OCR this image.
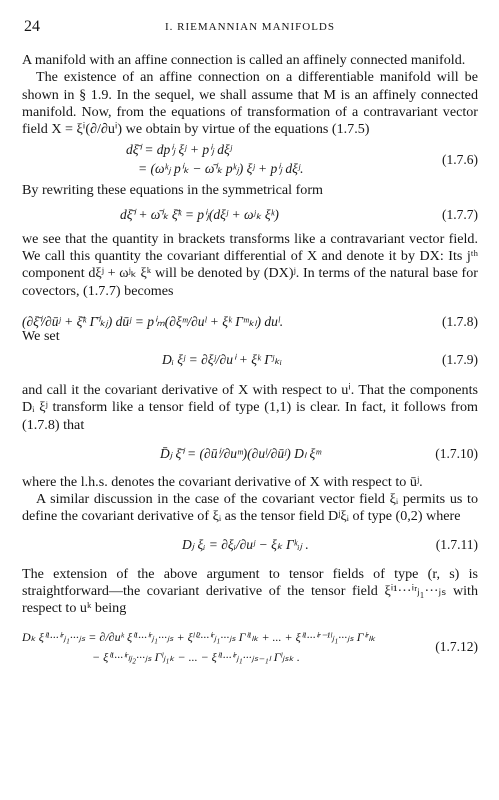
24	I. RIEMANNIAN MANIFOLDS

A manifold with an affine connection is called an affinely connected manifold.

The existence of an affine connection on a differentiable manifold will be shown in § 1.9. In the sequel, we shall assume that M is an affinely connected manifold. Now, from the equations of transformation of a contravariant vector field X = ξⁱ(∂/∂uⁱ) we obtain by virtue of the equations (1.7.5)

dξ̄ⁱ = dpⁱⱼ ξʲ + pⁱⱼ dξʲ
= (ωᵏⱼ pⁱₖ − ω̄ⁱₖ pᵏⱼ) ξʲ + pⁱⱼ dξʲ.
(1.7.6)

By rewriting these equations in the symmetrical form

dξ̄ⁱ + ω̄ⁱₖ ξ̄ᵏ = pⁱⱼ(dξʲ + ωʲₖ ξᵏ)	(1.7.7)

we see that the quantity in brackets transforms like a contravariant vector field. We call this quantity the covariant differential of X and denote it by DX: Its jᵗʰ component dξʲ + ωʲₖ ξᵏ will be denoted by (DX)ʲ. In terms of the natural base for covectors, (1.7.7) becomes

(∂ξ̄ⁱ/∂ūʲ + ξ̄ᵏ Γ̄ⁱₖⱼ) dūʲ = pⁱₘ(∂ξᵐ/∂uˡ + ξᵏ Γᵐₖₗ) duˡ.	(1.7.8)
We set
Dᵢ ξʲ = ∂ξʲ/∂uⁱ + ξᵏ Γʲₖᵢ	(1.7.9)

and call it the covariant derivative of X with respect to uⁱ. That the components Dᵢ ξʲ transform like a tensor field of type (1,1) is clear. In fact, it follows from (1.7.8) that

D̄ⱼ ξ̄ⁱ = (∂ūⁱ/∂uᵐ)(∂uˡ/∂ūʲ) Dₗ ξᵐ	(1.7.10)

where the l.h.s. denotes the covariant derivative of X with respect to ūʲ.

A similar discussion in the case of the covariant vector field ξᵢ permits us to define the covariant derivative of ξᵢ as the tensor field Dʲξᵢ of type (0,2) where

Dⱼ ξᵢ = ∂ξᵢ/∂uʲ − ξₖ Γᵏᵢⱼ .	(1.7.11)

The extension of the above argument to tensor fields of type (r, s) is straightforward—the covariant derivative of the tensor field ξⁱ¹···ⁱʳⱼ₁···ⱼₛ with respect to uᵏ being

Dₖ ξⁱ¹···ⁱʳⱼ₁···ⱼₛ = ∂/∂uᵏ ξⁱ¹···ⁱʳⱼ₁···ⱼₛ + ξˡⁱ²···ⁱʳⱼ₁···ⱼₛ Γⁱ¹ₗₖ + ... + ξⁱ¹···ⁱʳ⁻¹ˡⱼ₁···ⱼₛ Γⁱʳₗₖ
− ξⁱ¹···ⁱʳₗⱼ₂···ⱼₛ Γˡⱼ₁ₖ − ... − ξⁱ¹···ⁱʳⱼ₁···ⱼₛ₋₁ₗ Γˡⱼₛₖ .
(1.7.12)
